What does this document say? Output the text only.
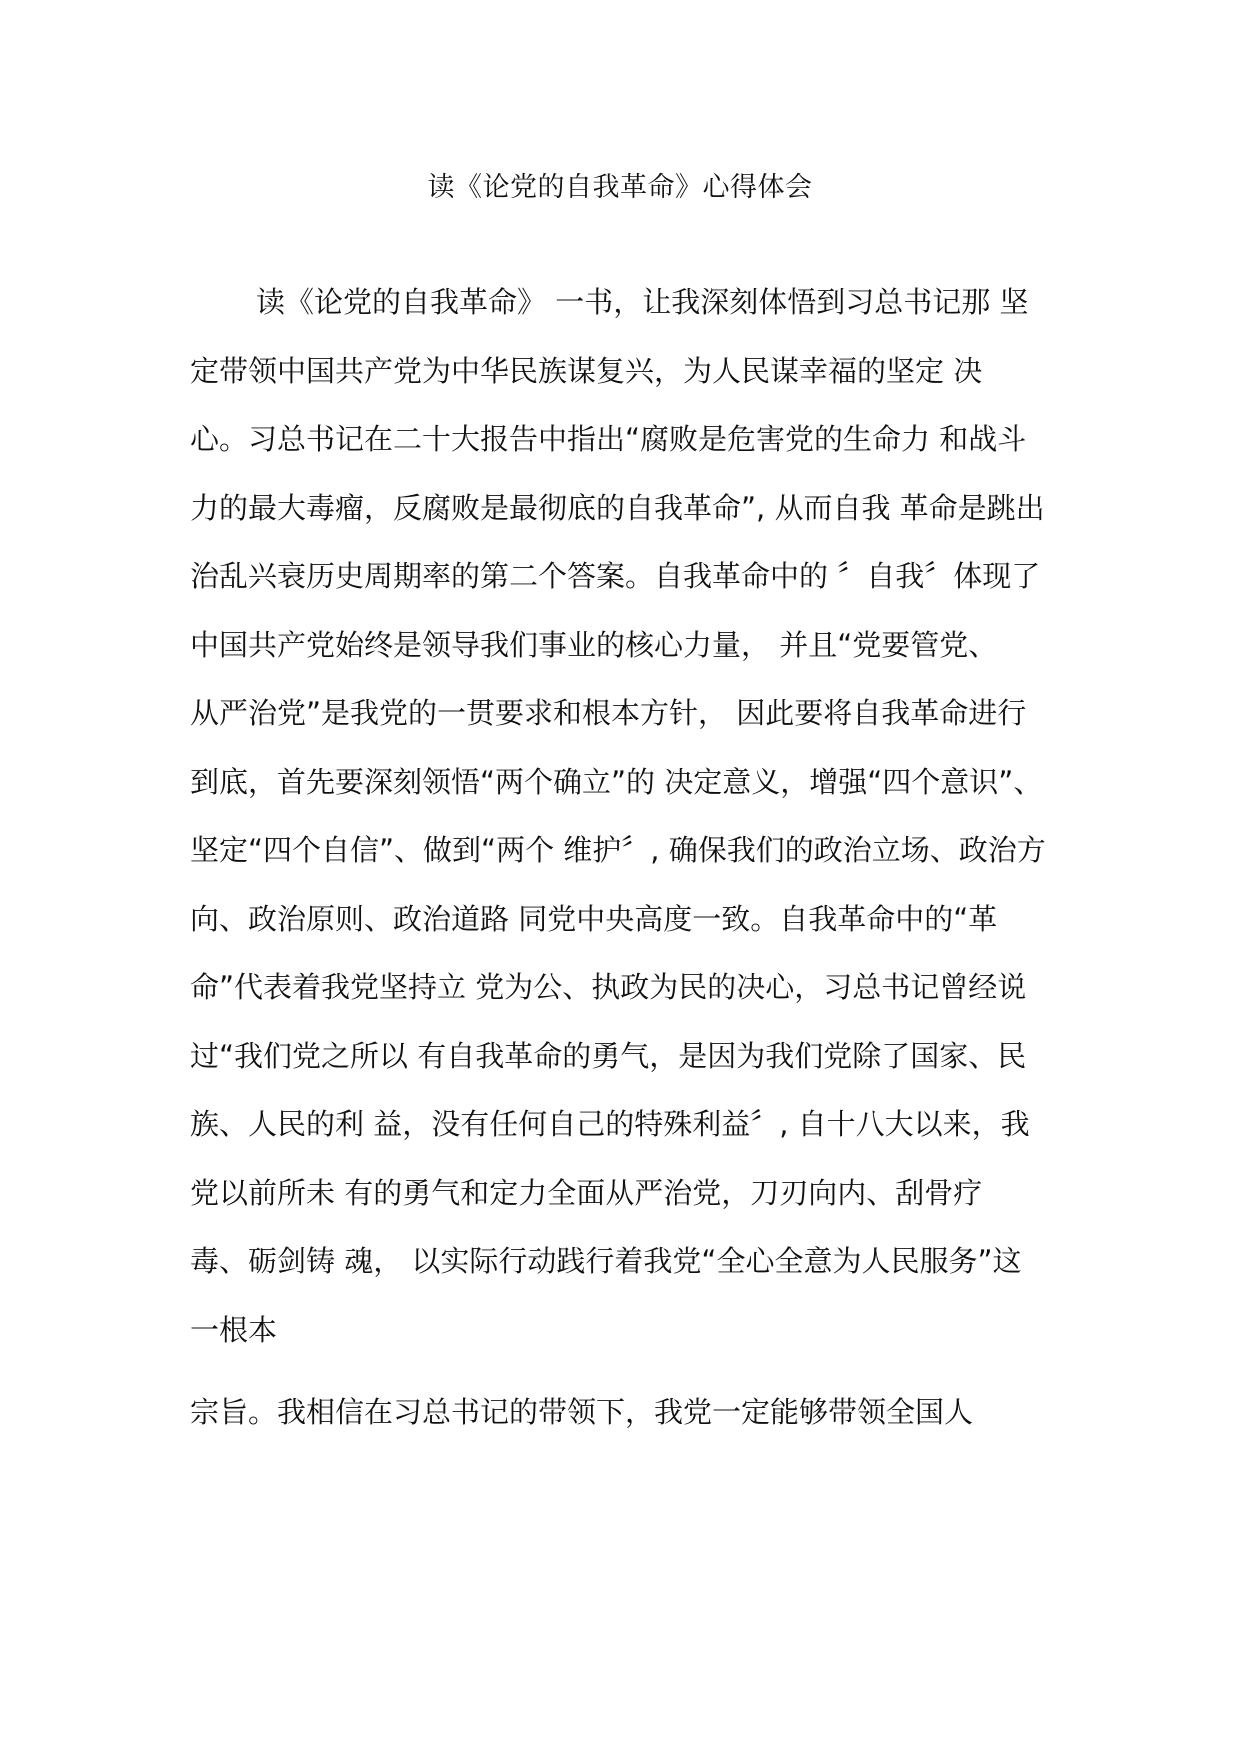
读《论党的自我革命》心得体会
读《论党的自我革命》 一书，让我深刻体悟到习总书记那 坚
定带领中国共产党为中华民族谋复兴，为人民谋幸福的坚定 决
心。习总书记在二十大报告中指出“腐败是危害党的生命力 和战斗
力的最大毒瘤，反腐败是最彻底的自我革命”, 从而自我 革命是跳出
治乱兴衰历史周期率的第二个答案。自我革命中的 〞自我〞体现了
中国共产党始终是领导我们事业的核心力量， 并且“党要管党、
从严治党”是我党的一贯要求和根本方针， 因此要将自我革命进行
到底，首先要深刻领悟“两个确立”的 决定意义，增强“四个意识”、
坚定“四个自信”、做到“两个 维护〞, 确保我们的政治立场、政治方
向、政治原则、政治道路 同党中央高度一致。自我革命中的“革
命”代表着我党坚持立 党为公、执政为民的决心，习总书记曾经说
过“我们党之所以 有自我革命的勇气，是因为我们党除了国家、民
族、人民的利 益，没有任何自己的特殊利益〞, 自十八大以来，我
党以前所未 有的勇气和定力全面从严治党，刀刃向内、刮骨疗
毒、砺剑铸 魂， 以实际行动践行着我党“全心全意为人民服务”这
一根本
宗旨。我相信在习总书记的带领下，我党一定能够带领全国人
